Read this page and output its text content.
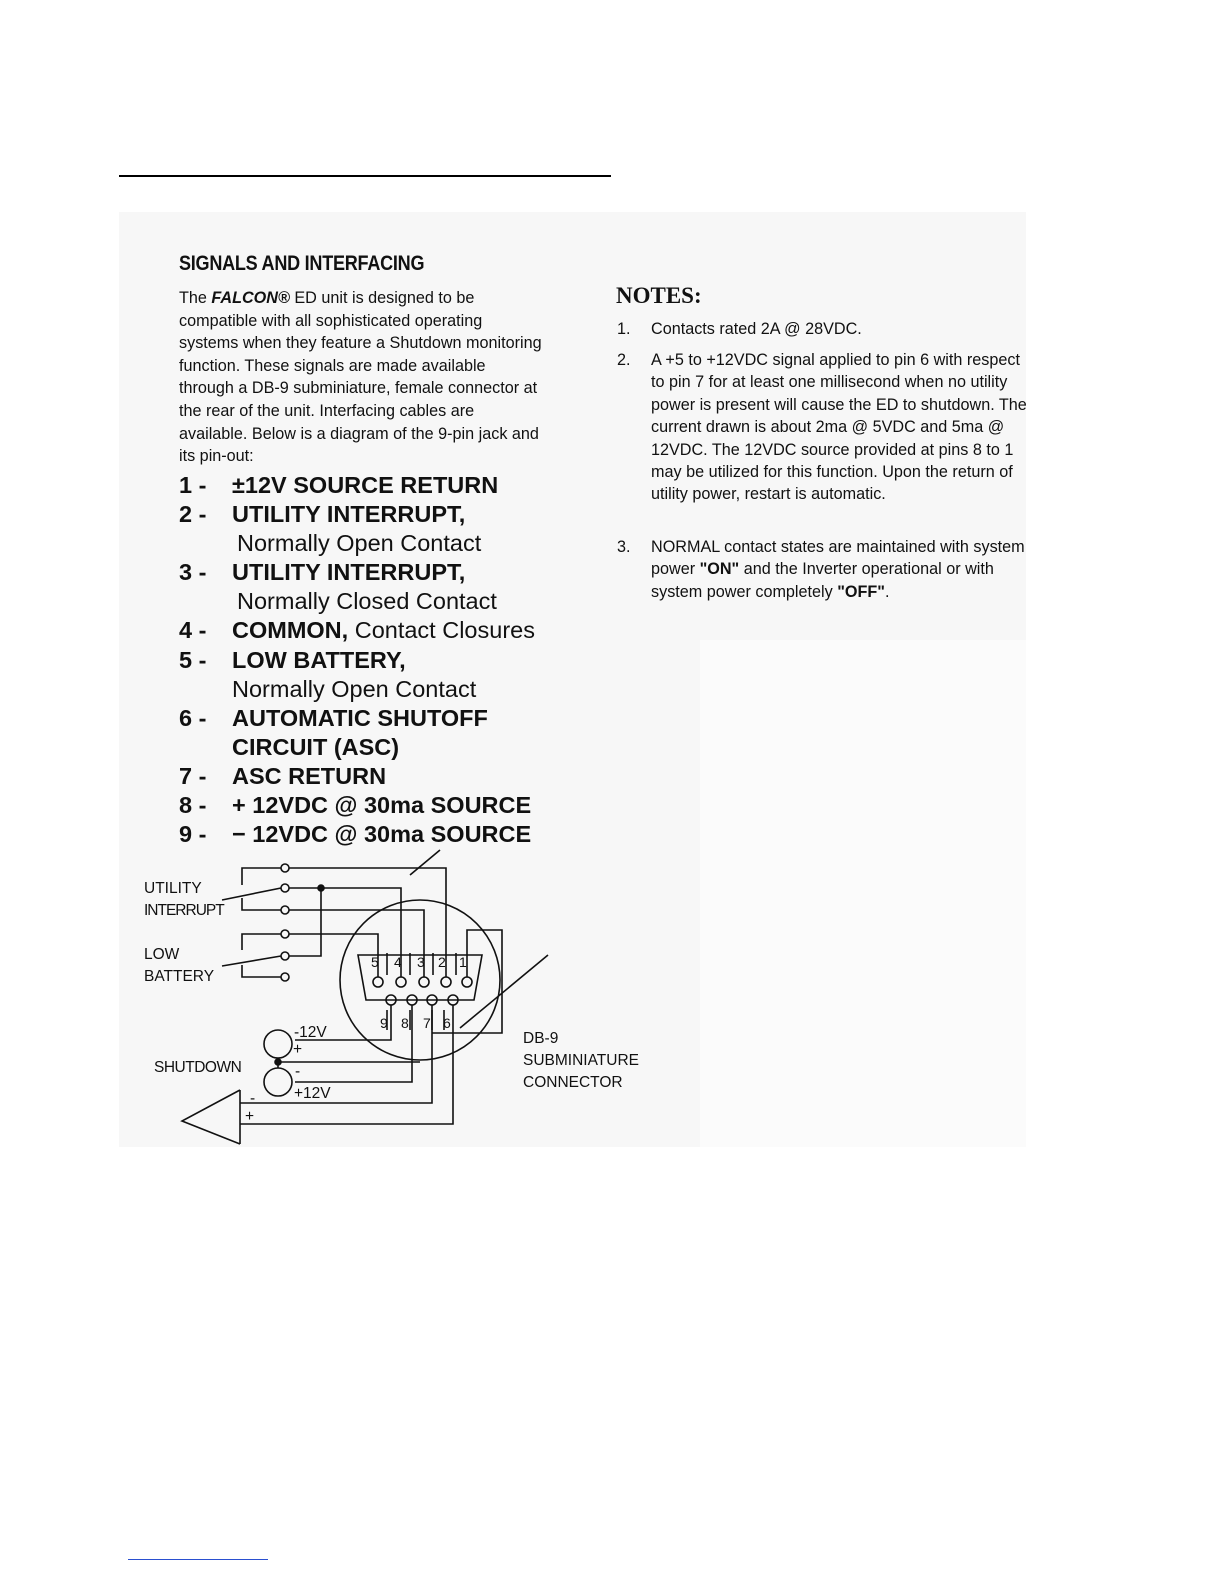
SIGNALS AND INTERFACING

The FALCON® ED unit is designed to be

compatible with all sophisticated operating

systems when they feature a Shutdown monitoring

function. These signals are made available

through a DB-9 subminiature, female connector at

the rear of the unit. Interfacing cables are

available. Below is a diagram of the 9-pin jack and

its pin-out:

1 - ±12V SOURCE RETURN
2 - UTILITY INTERRUPT,
Normally Open Contact
3 - UTILITY INTERRUPT,
Normally Closed Contact
4 - COMMON, Contact Closures
5 - LOW BATTERY,
Normally Open Contact
6 - AUTOMATIC SHUTOFF
CIRCUIT (ASC)
7 - ASC RETURN
8 - + 12VDC @ 30ma SOURCE
9 - − 12VDC @ 30ma SOURCE
NOTES:
1. Contacts rated 2A @ 28VDC.
2. A +5 to +12VDC signal applied to pin 6 with respect to pin 7 for at least one millisecond when no utility power is present will cause the ED to shutdown. The current drawn is about 2ma @ 5VDC and 5ma @ 12VDC. The 12VDC source provided at pins 8 to 1 may be utilized for this function. Upon the return of utility power, restart is automatic.
3. NORMAL contact states are maintained with system power "ON" and the Inverter operational or with system power completely "OFF".
UTILITY
INTERRUPT
LOW
BATTERY
SHUTDOWN
-12V
+
-
+12V
-
+
DB-9
SUBMINIATURE
CONNECTOR
5 4 3 2 1
9 8 7 6
